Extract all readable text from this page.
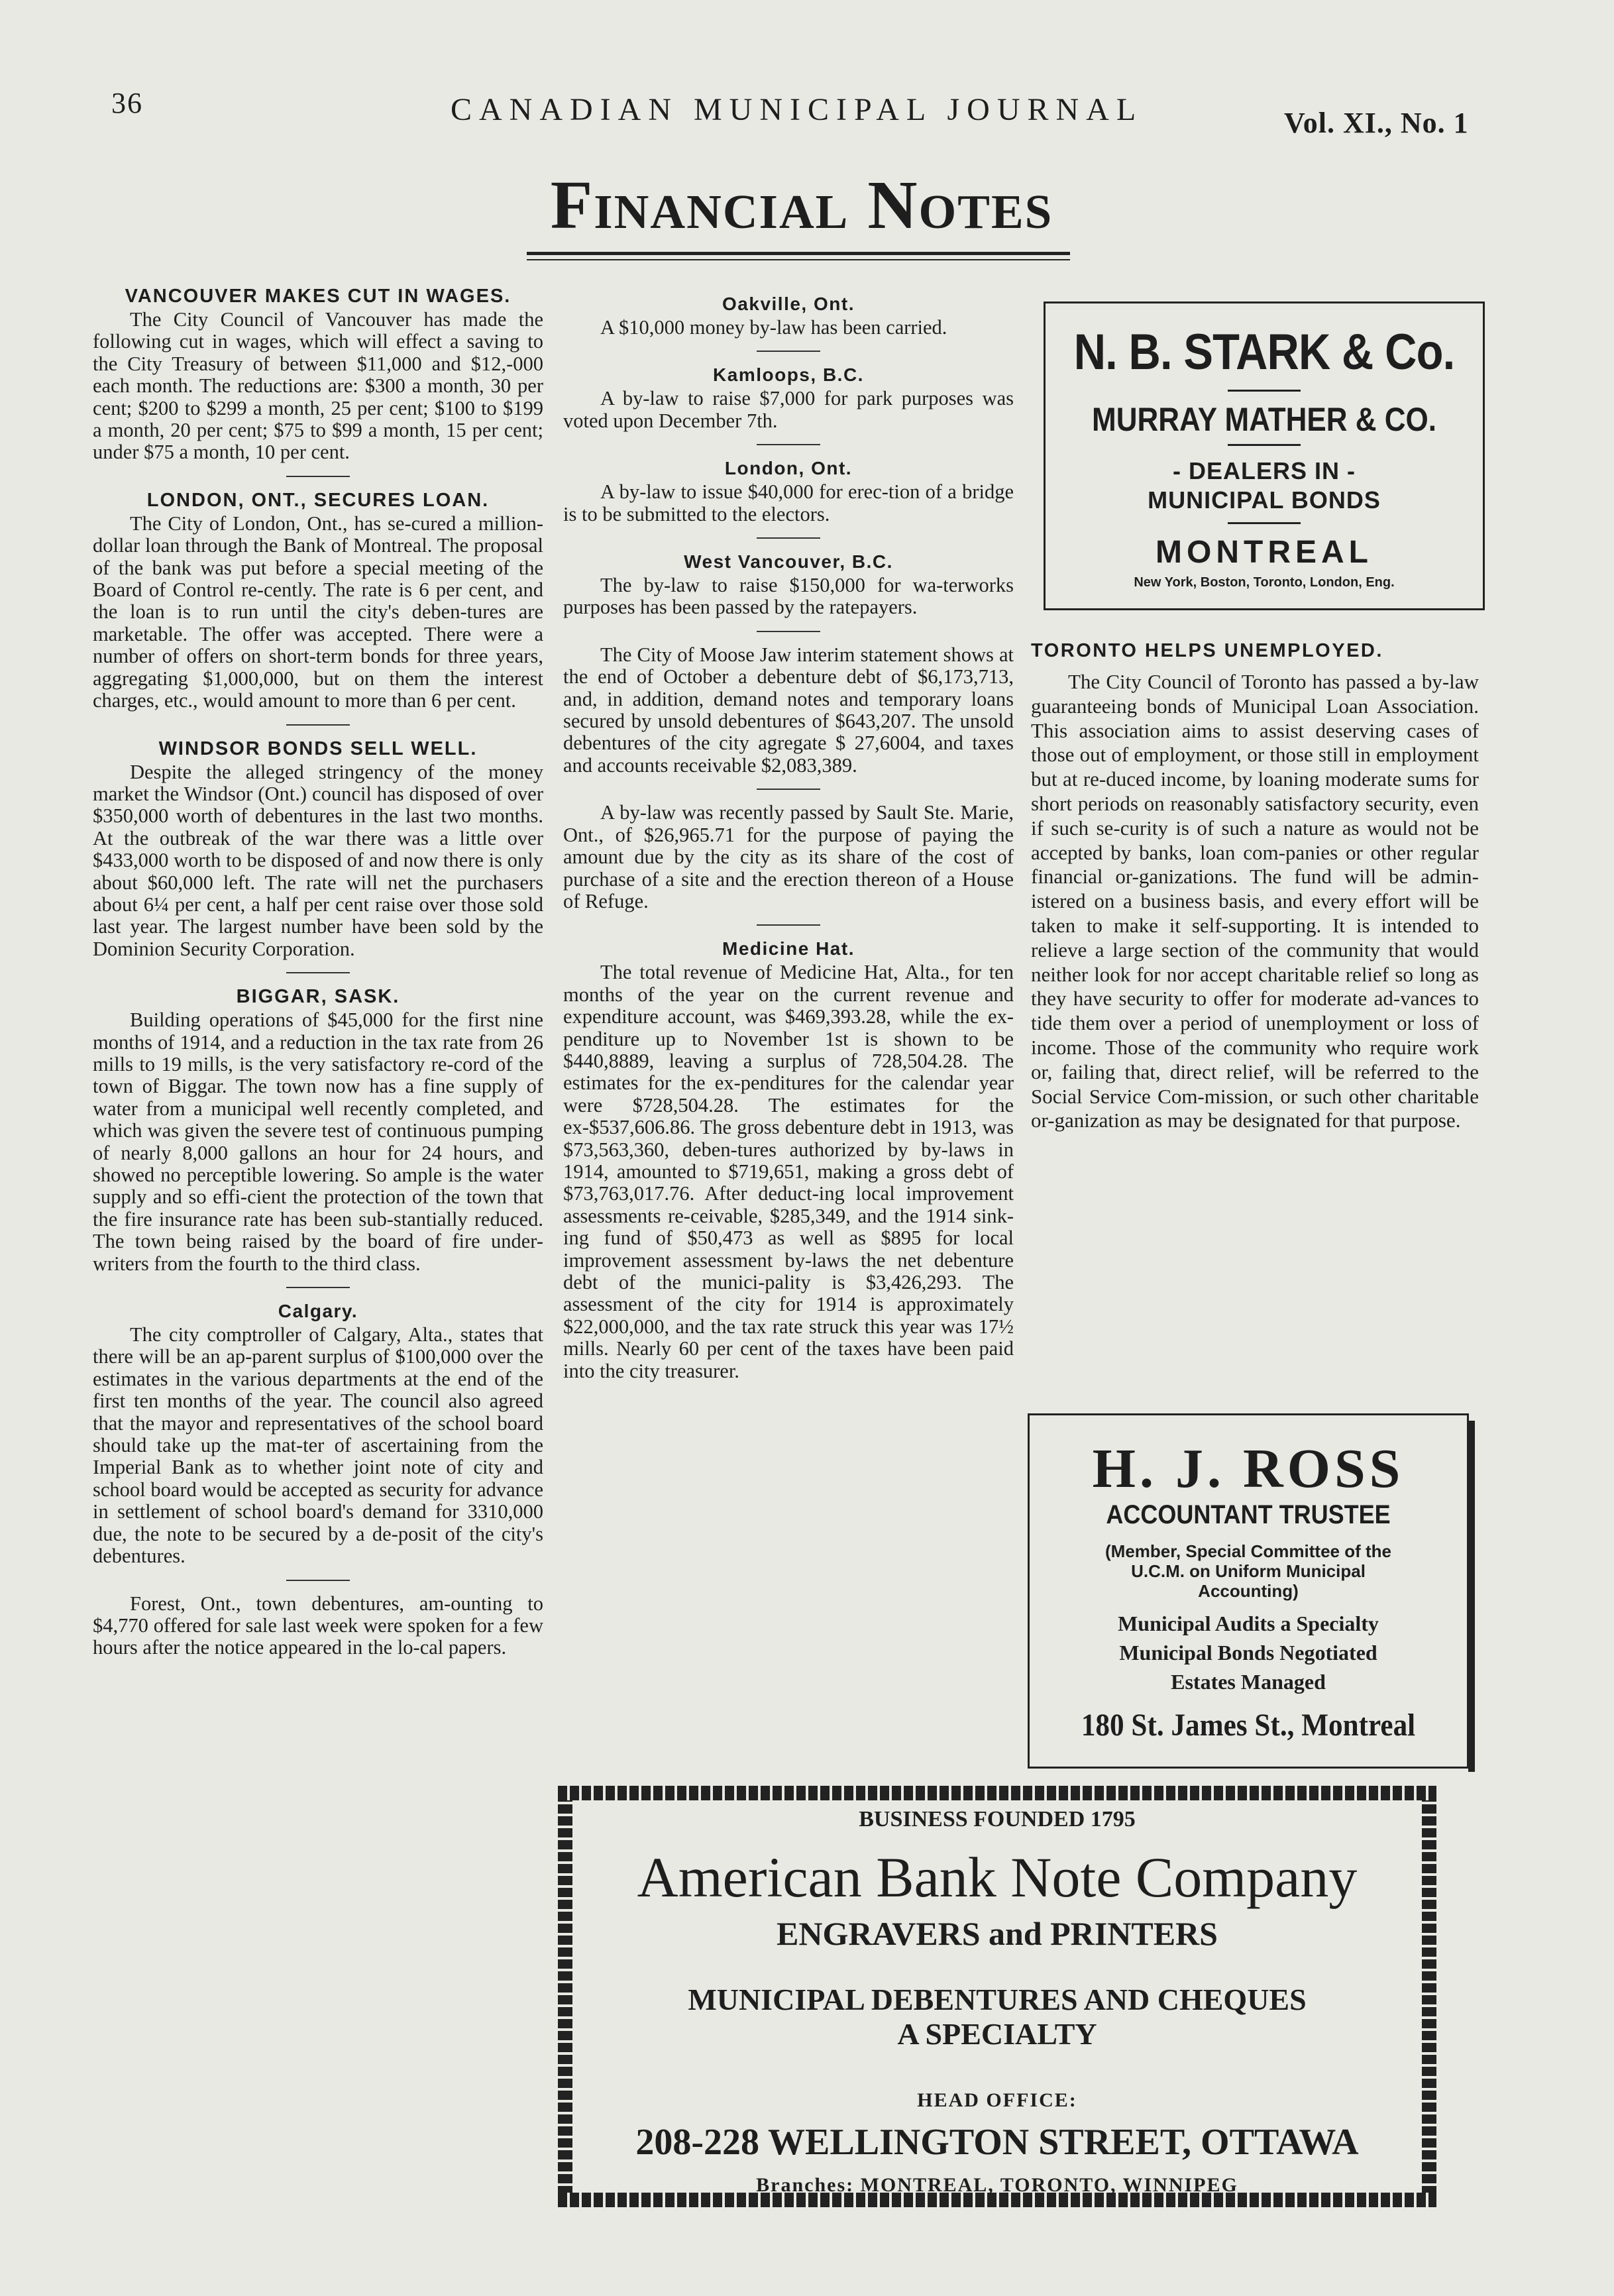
36	CANADIAN MUNICIPAL JOURNAL	Vol. XI., No. 1
Financial Notes
VANCOUVER MAKES CUT IN WAGES.

The City Council of Vancouver has made the following cut in wages, which will effect a saving to the City Treasury of between $11,000 and $12,-000 each month. The reductions are: $300 a month, 30 per cent; $200 to $299 a month, 25 per cent; $100 to $199 a month, 20 per cent; $75 to $99 a month, 15 per cent; under $75 a month, 10 per cent.

LONDON, ONT., SECURES LOAN.

The City of London, Ont., has se-cured a million-dollar loan through the Bank of Montreal. The proposal of the bank was put before a special meeting of the Board of Control re-cently. The rate is 6 per cent, and the loan is to run until the city's deben-tures are marketable. The offer was accepted. There were a number of offers on short-term bonds for three years, aggregating $1,000,000, but on them the interest charges, etc., would amount to more than 6 per cent.

WINDSOR BONDS SELL WELL.

Despite the alleged stringency of the money market the Windsor (Ont.) council has disposed of over $350,000 worth of debentures in the last two months. At the outbreak of the war there was a little over $433,000 worth to be disposed of and now there is only about $60,000 left. The rate will net the purchasers about 6¼ per cent, a half per cent raise over those sold last year. The largest number have been sold by the Dominion Security Corporation.

BIGGAR, SASK.

Building operations of $45,000 for the first nine months of 1914, and a reduction in the tax rate from 26 mills to 19 mills, is the very satisfactory re-cord of the town of Biggar. The town now has a fine supply of water from a municipal well recently completed, and which was given the severe test of continuous pumping of nearly 8,000 gallons an hour for 24 hours, and showed no perceptible lowering. So ample is the water supply and so effi-cient the protection of the town that the fire insurance rate has been sub-stantially reduced. The town being raised by the board of fire under-writers from the fourth to the third class.

Calgary.

The city comptroller of Calgary, Alta., states that there will be an ap-parent surplus of $100,000 over the estimates in the various departments at the end of the first ten months of the year. The council also agreed that the mayor and representatives of the school board should take up the mat-ter of ascertaining from the Imperial Bank as to whether joint note of city and school board would be accepted as security for advance in settlement of school board's demand for 3310,000 due, the note to be secured by a de-posit of the city's debentures.

Forest, Ont., town debentures, am-ounting to $4,770 offered for sale last week were spoken for a few hours after the notice appeared in the lo-cal papers.

Oakville, Ont.

A $10,000 money by-law has been carried.

Kamloops, B.C.

A by-law to raise $7,000 for park purposes was voted upon December 7th.

London, Ont.

A by-law to issue $40,000 for erec-tion of a bridge is to be submitted to the electors.

West Vancouver, B.C.

The by-law to raise $150,000 for wa-terworks purposes has been passed by the ratepayers.

The City of Moose Jaw interim statement shows at the end of October a debenture debt of $6,173,713, and, in addition, demand notes and temporary loans secured by unsold debentures of $643,207. The unsold debentures of the city agregate $ 27,6004, and taxes and accounts receivable $2,083,389.

A by-law was recently passed by Sault Ste. Marie, Ont., of $26,965.71 for the purpose of paying the amount due by the city as its share of the cost of purchase of a site and the erection thereon of a House of Refuge.

Medicine Hat.

The total revenue of Medicine Hat, Alta., for ten months of the year on the current revenue and expenditure account, was $469,393.28, while the ex-penditure up to November 1st is shown to be $440,8889, leaving a surplus of 728,504.28. The estimates for the ex-penditures for the calendar year were $728,504.28. The estimates for the ex-$537,606.86. The gross debenture debt in 1913, was $73,563,360, deben-tures authorized by by-laws in 1914, amounted to $719,651, making a gross debt of $73,763,017.76. After deduct-ing local improvement assessments re-ceivable, $285,349, and the 1914 sink-ing fund of $50,473 as well as $895 for local improvement assessment by-laws the net debenture debt of the munici-pality is $3,426,293. The assessment of the city for 1914 is approximately $22,000,000, and the tax rate struck this year was 17½ mills. Nearly 60 per cent of the taxes have been paid into the city treasurer.

TORONTO HELPS UNEMPLOYED.

The City Council of Toronto has passed a by-law guaranteeing bonds of Municipal Loan Association. This association aims to assist deserving cases of those out of employment, or those still in employment but at re-duced income, by loaning moderate sums for short periods on reasonably satisfactory security, even if such se-curity is of such a nature as would not be accepted by banks, loan com-panies or other regular financial or-ganizations. The fund will be admin-istered on a business basis, and every effort will be taken to make it self-supporting. It is intended to relieve a large section of the community that would neither look for nor accept charitable relief so long as they have security to offer for moderate ad-vances to tide them over a period of unemployment or loss of income. Those of the community who require work or, failing that, direct relief, will be referred to the Social Service Com-mission, or such other charitable or-ganization as may be designated for that purpose.

N. B. STARK & Co.
MURRAY MATHER & CO.
- DEALERS IN -
MUNICIPAL BONDS
MONTREAL
New York, Boston, Toronto, London, Eng.
H. J. ROSS
ACCOUNTANT TRUSTEE
(Member, Special Committee of the
U.C.M. on Uniform Municipal
Accounting)
Municipal Audits a Specialty
Municipal Bonds Negotiated
Estates Managed
180 St. James St., Montreal
BUSINESS FOUNDED 1795
American Bank Note Company
ENGRAVERS and PRINTERS
MUNICIPAL DEBENTURES AND CHEQUES
A SPECIALTY
HEAD OFFICE:
208-228 WELLINGTON STREET, OTTAWA
Branches: MONTREAL, TORONTO, WINNIPEG
